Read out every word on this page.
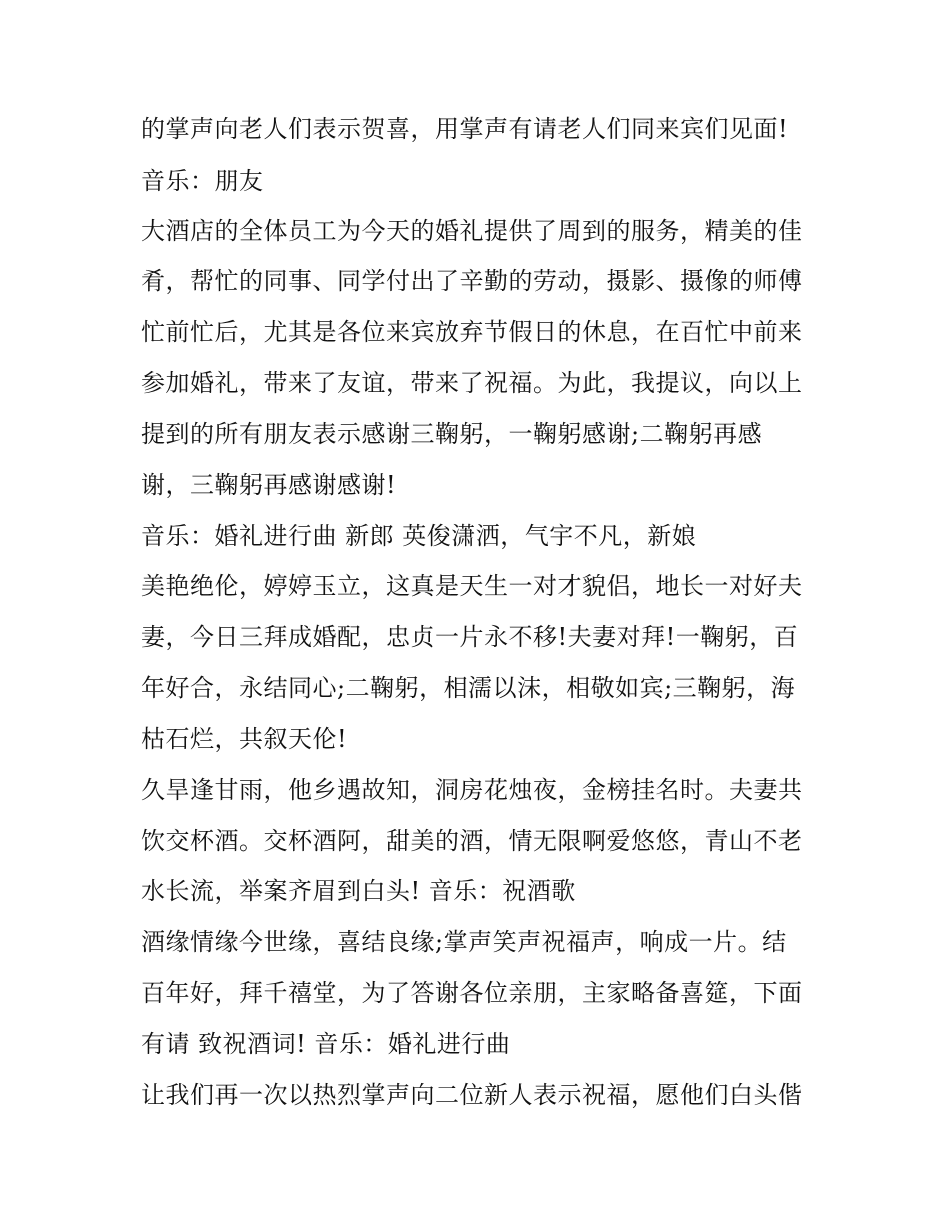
的掌声向老人们表示贺喜，用掌声有请老人们同来宾们见面!
音乐：朋友
大酒店的全体员工为今天的婚礼提供了周到的服务，精美的佳
肴，帮忙的同事、同学付出了辛勤的劳动，摄影、摄像的师傅
忙前忙后，尤其是各位来宾放弃节假日的休息，在百忙中前来
参加婚礼，带来了友谊，带来了祝福。为此，我提议，向以上
提到的所有朋友表示感谢三鞠躬，一鞠躬感谢;二鞠躬再感
谢，三鞠躬再感谢感谢!
音乐：婚礼进行曲 新郎 英俊潇洒，气宇不凡，新娘
美艳绝伦，婷婷玉立，这真是天生一对才貌侣，地长一对好夫
妻，今日三拜成婚配，忠贞一片永不移!夫妻对拜!一鞠躬，百
年好合，永结同心;二鞠躬，相濡以沫，相敬如宾;三鞠躬，海
枯石烂，共叙天伦!
久旱逢甘雨，他乡遇故知，洞房花烛夜，金榜挂名时。夫妻共
饮交杯酒。交杯酒阿，甜美的酒，情无限啊爱悠悠，青山不老
水长流，举案齐眉到白头! 音乐：祝酒歌
酒缘情缘今世缘，喜结良缘;掌声笑声祝福声，响成一片。结
百年好，拜千禧堂，为了答谢各位亲朋，主家略备喜筵，下面
有请 致祝酒词! 音乐：婚礼进行曲
让我们再一次以热烈掌声向二位新人表示祝福，愿他们白头偕
